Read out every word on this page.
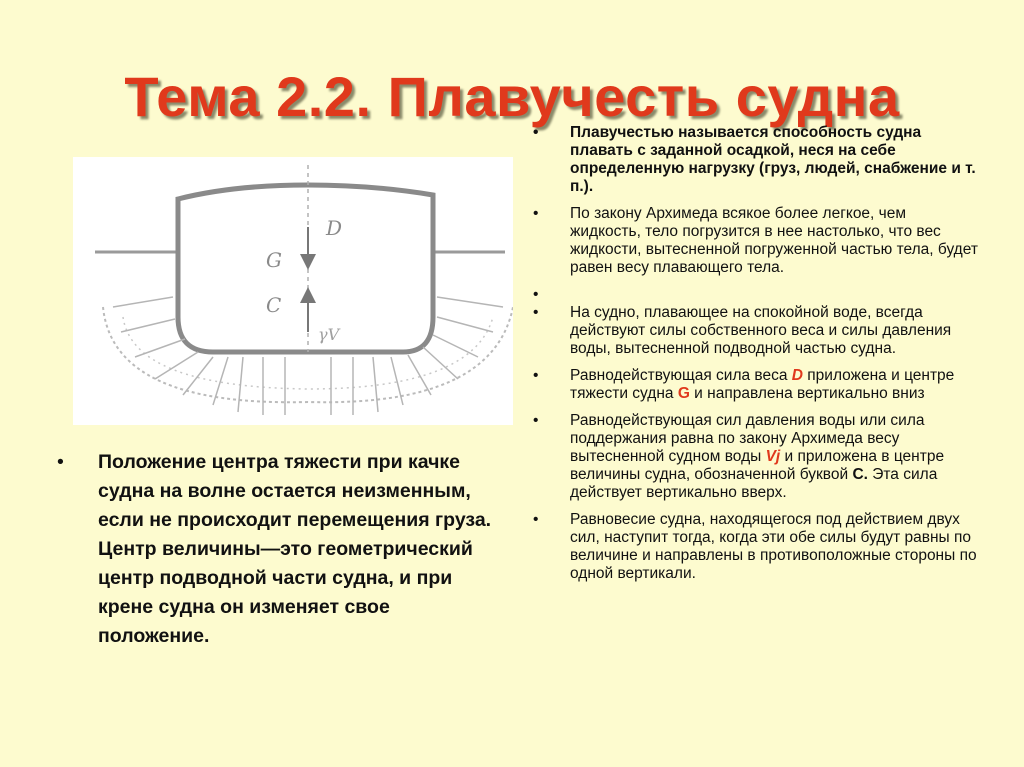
Тема 2.2. Плавучесть судна
D
G
C
γV
• Положение центра тяжести при качке судна на волне остается неизменным, если не происходит перемещения груза. Центр величины—это геометрический центр подводной части судна, и при крене судна он изменяет свое положение.
• Плавучестью называется способность судна плавать с заданной осадкой, неся на себе определенную нагрузку (груз, людей, снабжение и т. п.).
• По закону Архимеда всякое более легкое, чем жидкость, тело погрузится в нее настолько, что вес жидкости, вытесненной погруженной частью тела, будет равен весу плавающего тела.
•
• На судно, плавающее на спокойной воде, всегда действуют силы собственного веса и силы давления воды, вытесненной подводной частью судна.
• Равнодействующая сила веса D приложена и центре тяжести судна G и направлена вертикально вниз
• Равнодействующая сил давления воды или сила поддержания равна по закону Архимеда весу вытесненной судном воды Vj и приложена в центре величины судна, обозначенной буквой С. Эта сила действует вертикально вверх.
• Равновесие судна, находящегося под действием двух сил, наступит тогда, когда эти обе силы будут равны по величине и направлены в противоположные стороны по одной вертикали.
